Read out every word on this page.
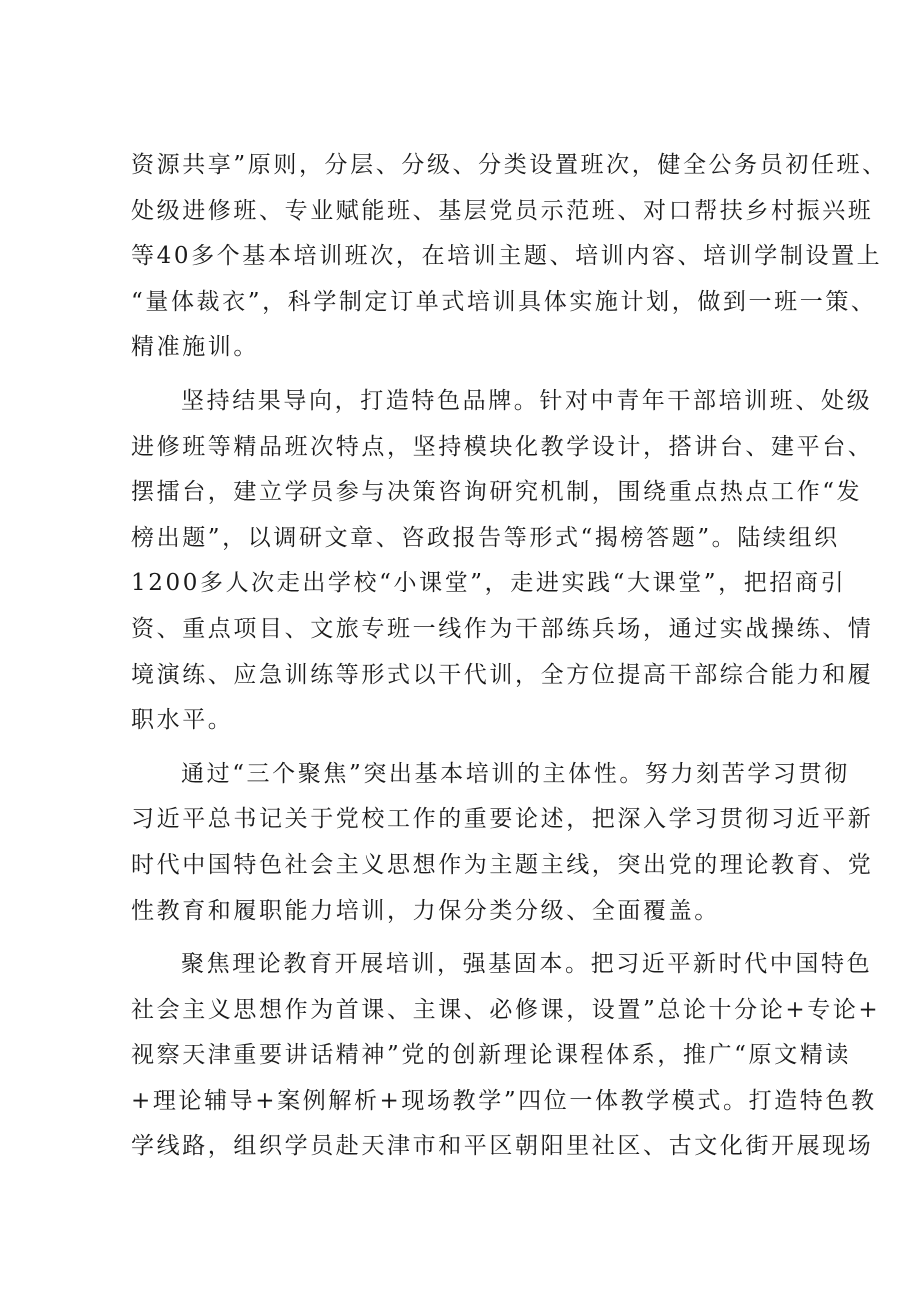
资源共享”原则，分层、分级、分类设置班次，健全公务员初任班、
处级进修班、专业赋能班、基层党员示范班、对口帮扶乡村振兴班
等40多个基本培训班次，在培训主题、培训内容、培训学制设置上
“量体裁衣”，科学制定订单式培训具体实施计划，做到一班一策、
精准施训。
坚持结果导向，打造特色品牌。针对中青年干部培训班、处级
进修班等精品班次特点，坚持模块化教学设计，搭讲台、建平台、
摆擂台，建立学员参与决策咨询研究机制，围绕重点热点工作“发
榜出题”，以调研文章、咨政报告等形式“揭榜答题”。陆续组织
1200多人次走出学校“小课堂”，走进实践“大课堂”，把招商引
资、重点项目、文旅专班一线作为干部练兵场，通过实战操练、情
境演练、应急训练等形式以干代训，全方位提高干部综合能力和履
职水平。
通过“三个聚焦”突出基本培训的主体性。努力刻苦学习贯彻
习近平总书记关于党校工作的重要论述，把深入学习贯彻习近平新
时代中国特色社会主义思想作为主题主线，突出党的理论教育、党
性教育和履职能力培训，力保分类分级、全面覆盖。
聚焦理论教育开展培训，强基固本。把习近平新时代中国特色
社会主义思想作为首课、主课、必修课，设置”总论十分论+专论+
视察天津重要讲话精神”党的创新理论课程体系，推广“原文精读
+理论辅导+案例解析+现场教学”四位一体教学模式。打造特色教
学线路，组织学员赴天津市和平区朝阳里社区、古文化街开展现场
